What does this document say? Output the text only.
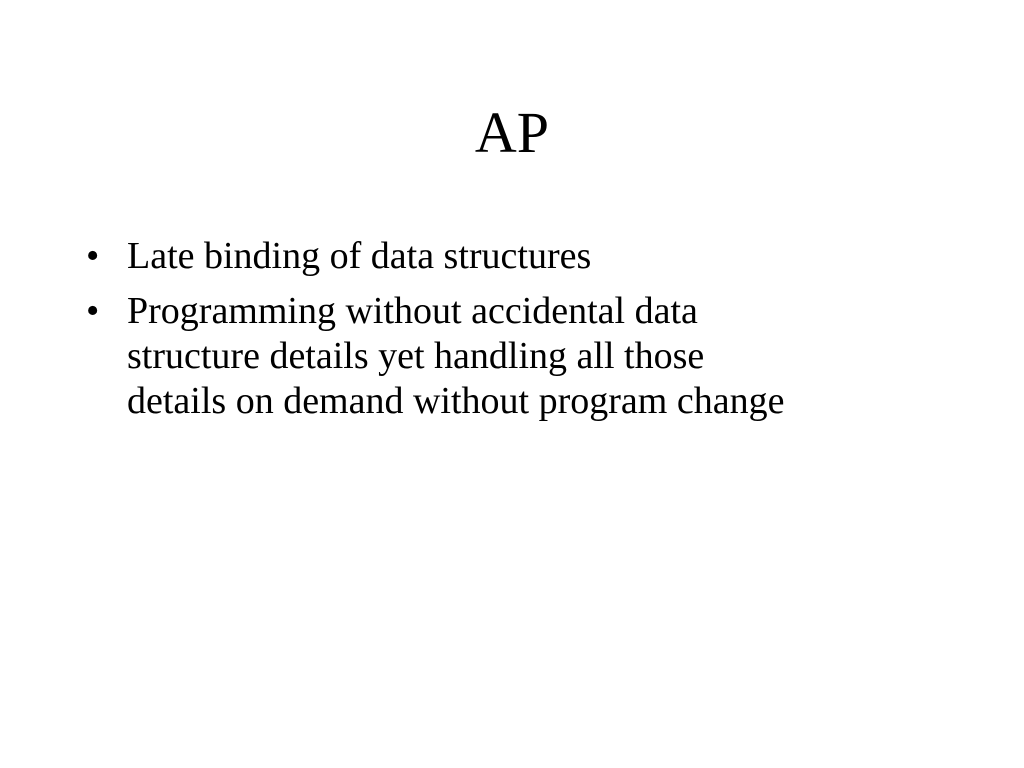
AP
• Late binding of data structures
• Programming without accidental data
structure details yet handling all those
details on demand without program change
